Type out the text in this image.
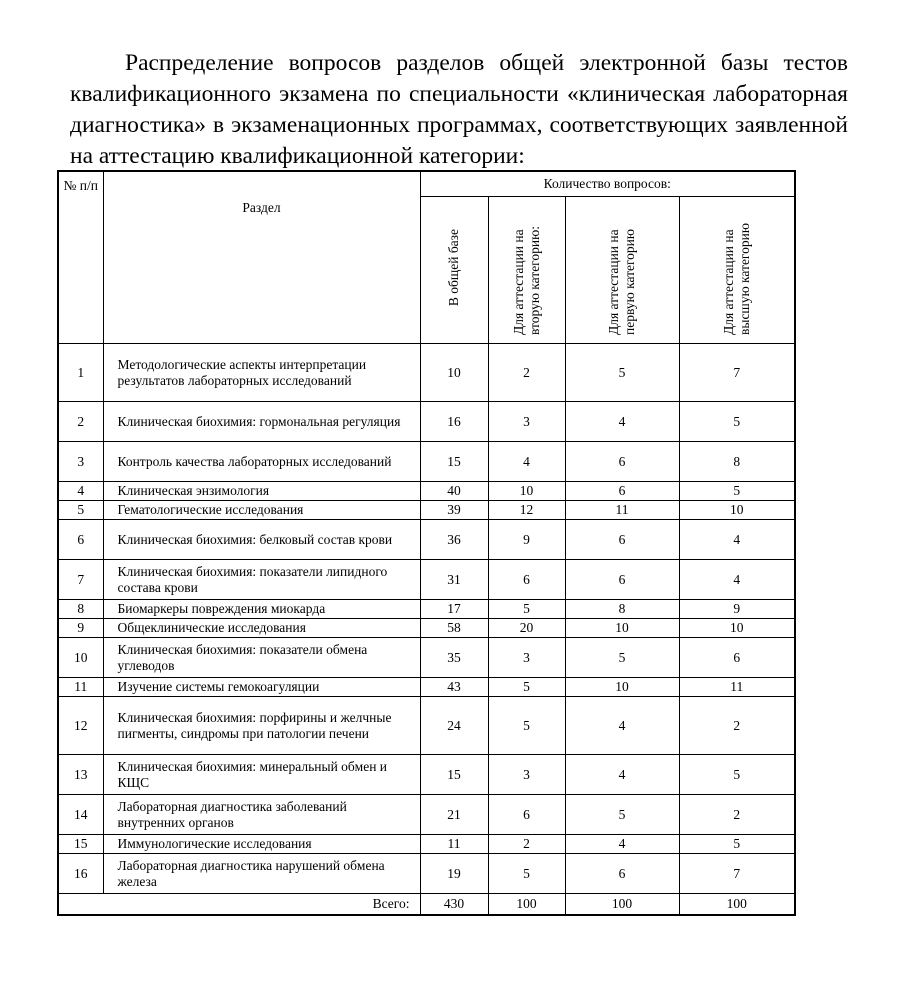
Распределение вопросов разделов общей электронной базы тестов квалификационного экзамена по специальности «клиническая лабораторная диагностика» в экзаменационных программах, соответствующих заявленной на аттестацию квалификационной категории:

№ п/п	Раздел	Количество вопросов:			
		В общей базе	Для аттестации на вторую категорию:	Для аттестации на первую категорию	Для аттестации на высшую категорию
1	Методологические аспекты интерпретации результатов лабораторных исследований	10	2	5	7
2	Клиническая биохимия: гормональная регуляция	16	3	4	5
3	Контроль качества лабораторных исследований	15	4	6	8
4	Клиническая энзимология	40	10	6	5
5	Гематологические исследования	39	12	11	10
6	Клиническая биохимия: белковый состав крови	36	9	6	4
7	Клиническая биохимия: показатели липидного состава крови	31	6	6	4
8	Биомаркеры повреждения миокарда	17	5	8	9
9	Общеклинические исследования	58	20	10	10
10	Клиническая биохимия: показатели обмена углеводов	35	3	5	6
11	Изучение системы гемокоагуляции	43	5	10	11
12	Клиническая биохимия: порфирины и желчные пигменты, синдромы при патологии печени	24	5	4	2
13	Клиническая биохимия: минеральный обмен и КЩС	15	3	4	5
14	Лабораторная диагностика заболеваний внутренних органов	21	6	5	2
15	Иммунологические исследования	11	2	4	5
16	Лабораторная диагностика нарушений обмена железа	19	5	6	7
Всего:		430	100	100	100
